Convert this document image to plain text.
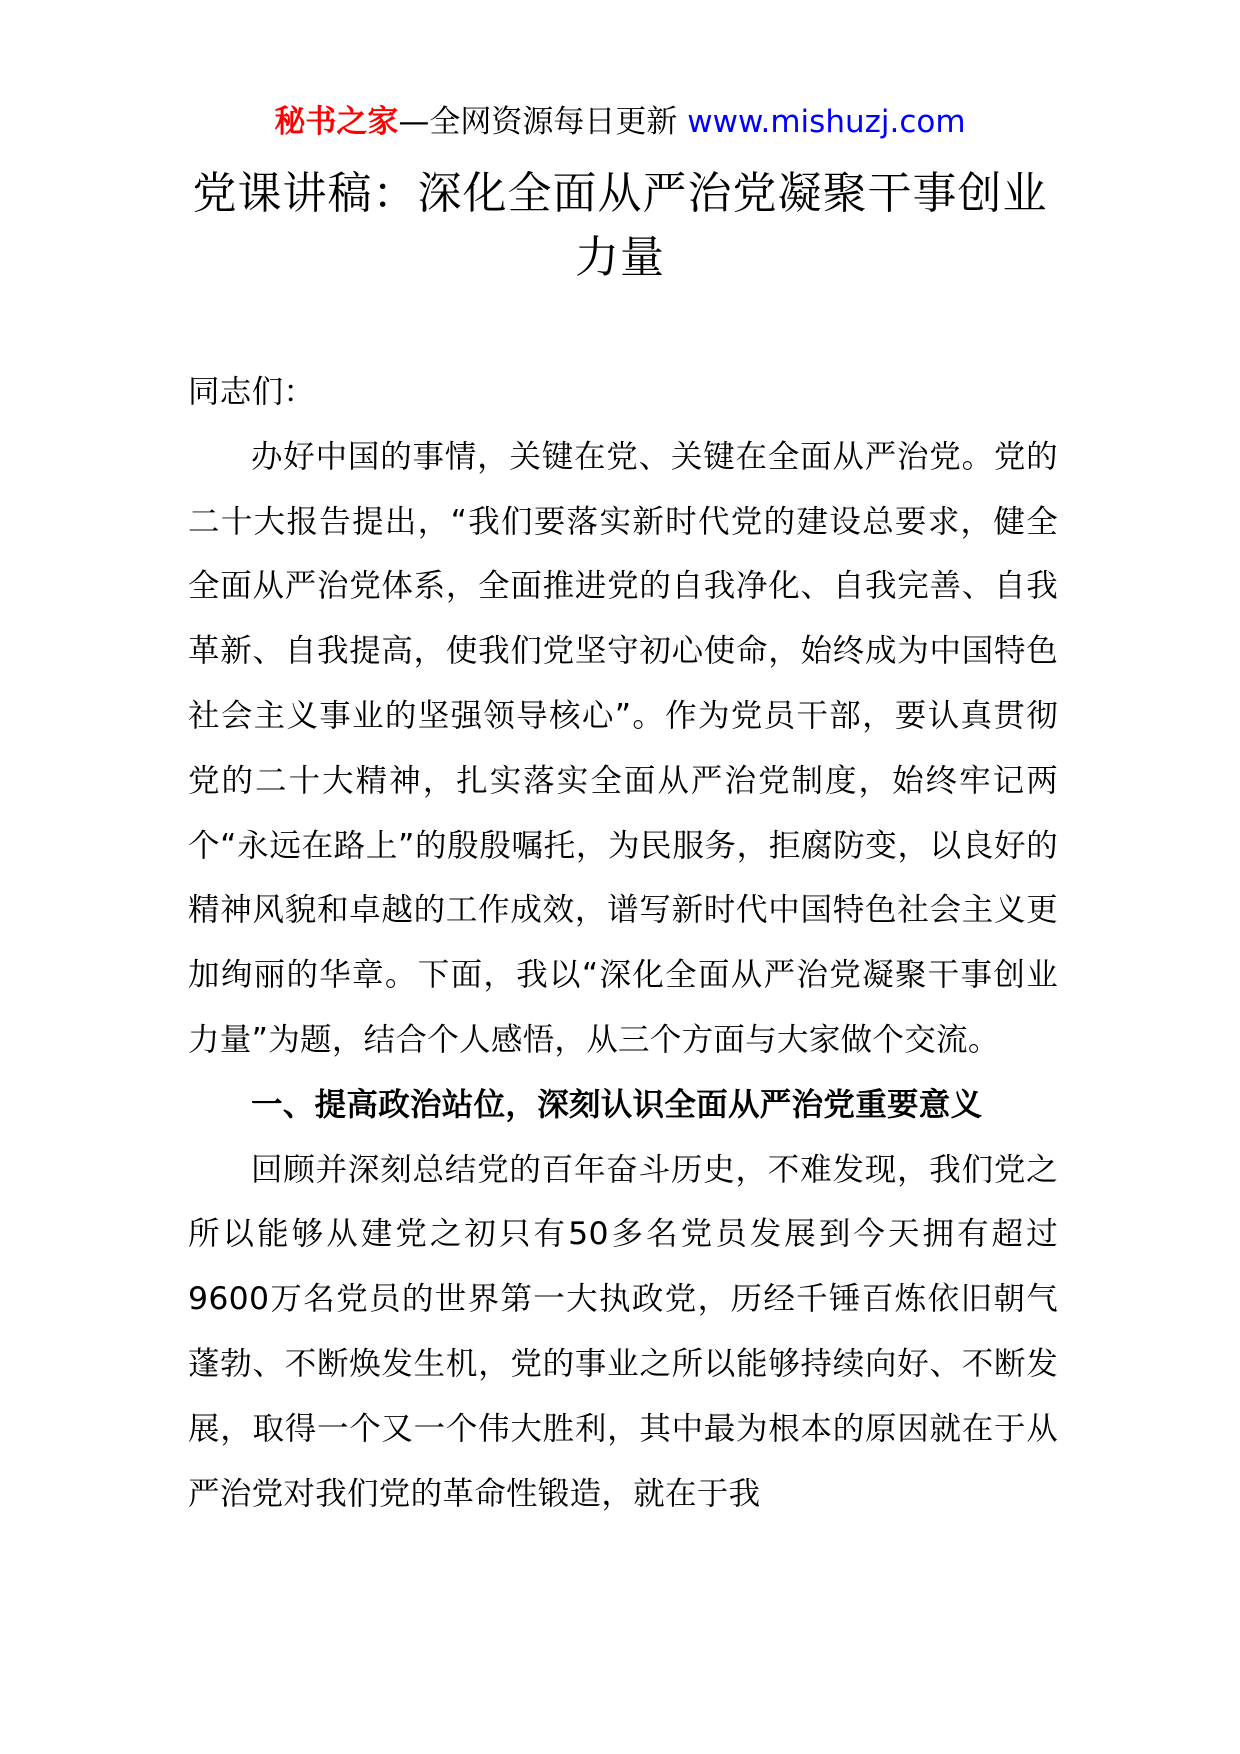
秘书之家—全网资源每日更新 www.mishuzj.com
党课讲稿：深化全面从严治党凝聚干事创业力量

同志们：

办好中国的事情，关键在党、关键在全面从严治党。党的二十大报告提出，“我们要落实新时代党的建设总要求，健全全面从严治党体系，全面推进党的自我净化、自我完善、自我革新、自我提高，使我们党坚守初心使命，始终成为中国特色社会主义事业的坚强领导核心”。作为党员干部，要认真贯彻党的二十大精神，扎实落实全面从严治党制度，始终牢记两个“永远在路上”的殷殷嘱托，为民服务，拒腐防变，以良好的精神风貌和卓越的工作成效，谱写新时代中国特色社会主义更加绚丽的华章。下面，我以“深化全面从严治党凝聚干事创业力量”为题，结合个人感悟，从三个方面与大家做个交流。

一、提高政治站位，深刻认识全面从严治党重要意义

回顾并深刻总结党的百年奋斗历史，不难发现，我们党之所以能够从建党之初只有50多名党员发展到今天拥有超过9600万名党员的世界第一大执政党，历经千锤百炼依旧朝气蓬勃、不断焕发生机，党的事业之所以能够持续向好、不断发展，取得一个又一个伟大胜利，其中最为根本的原因就在于从严治党对我们党的革命性锻造，就在于我
